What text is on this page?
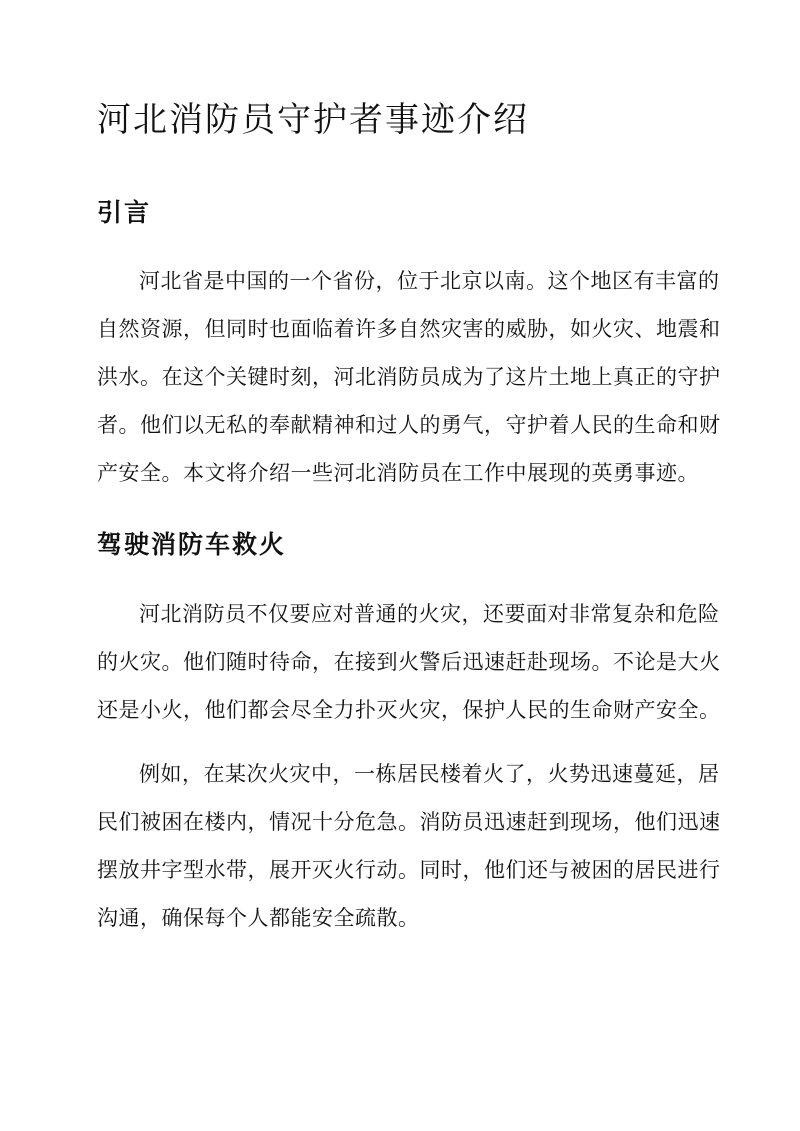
河北消防员守护者事迹介绍
引言
河北省是中国的一个省份，位于北京以南。这个地区有丰富的
自然资源，但同时也面临着许多自然灾害的威胁，如火灾、地震和
洪水。在这个关键时刻，河北消防员成为了这片土地上真正的守护
者。他们以无私的奉献精神和过人的勇气，守护着人民的生命和财
产安全。本文将介绍一些河北消防员在工作中展现的英勇事迹。
驾驶消防车救火
河北消防员不仅要应对普通的火灾，还要面对非常复杂和危险
的火灾。他们随时待命，在接到火警后迅速赶赴现场。不论是大火
还是小火，他们都会尽全力扑灭火灾，保护人民的生命财产安全。
例如，在某次火灾中，一栋居民楼着火了，火势迅速蔓延，居
民们被困在楼内，情况十分危急。消防员迅速赶到现场，他们迅速
摆放井字型水带，展开灭火行动。同时，他们还与被困的居民进行
沟通，确保每个人都能安全疏散。
